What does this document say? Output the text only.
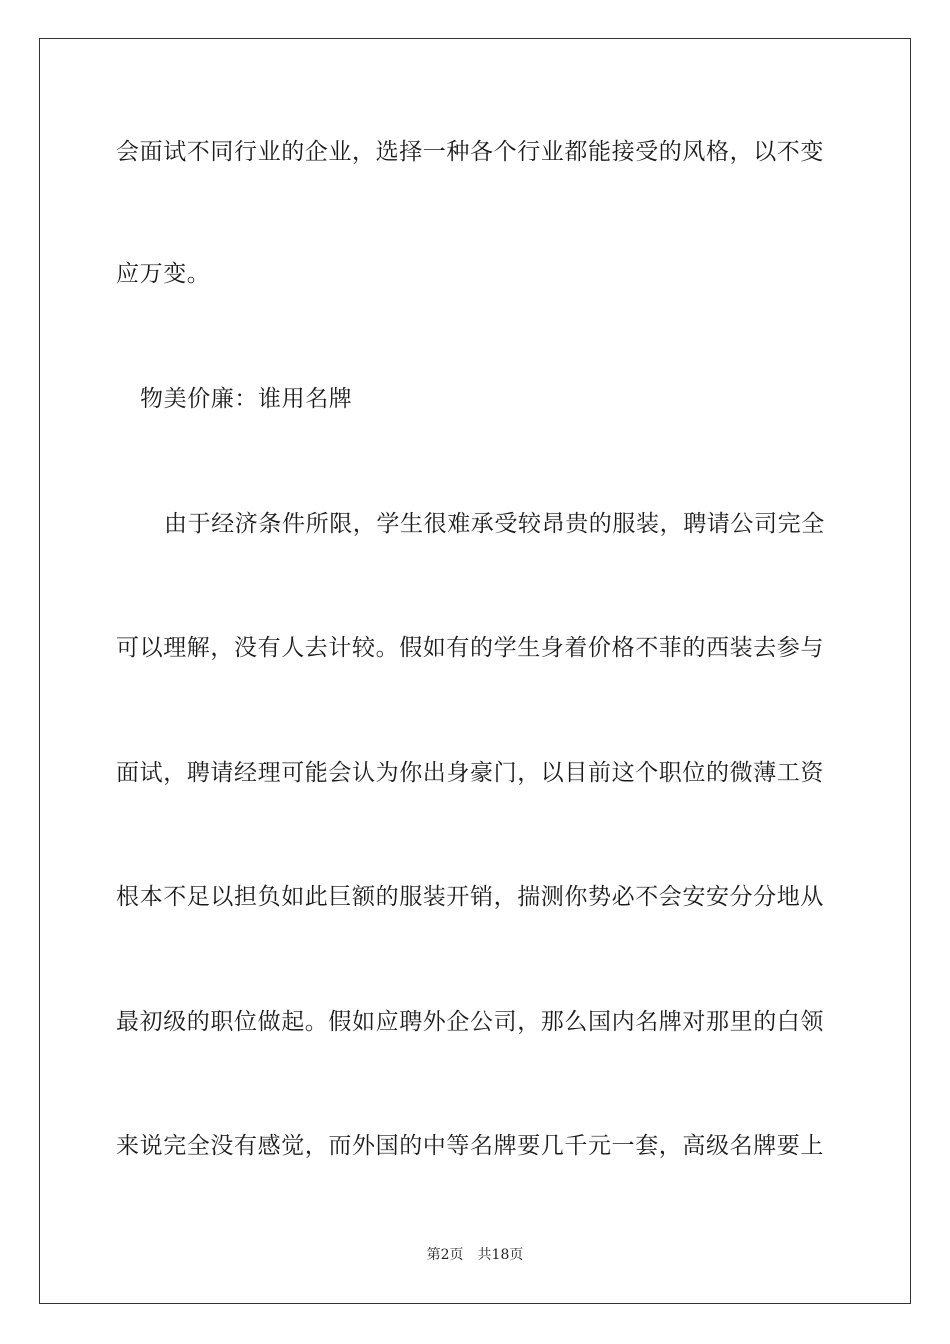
会面试不同行业的企业，选择一种各个行业都能接受的风格，以不变
应万变。
物美价廉：谁用名牌
由于经济条件所限，学生很难承受较昂贵的服装，聘请公司完全
可以理解，没有人去计较。假如有的学生身着价格不菲的西装去参与
面试，聘请经理可能会认为你出身豪门，以目前这个职位的微薄工资
根本不足以担负如此巨额的服装开销，揣测你势必不会安安分分地从
最初级的职位做起。假如应聘外企公司，那么国内名牌对那里的白领
来说完全没有感觉，而外国的中等名牌要几千元一套，高级名牌要上
第2页 共18页
